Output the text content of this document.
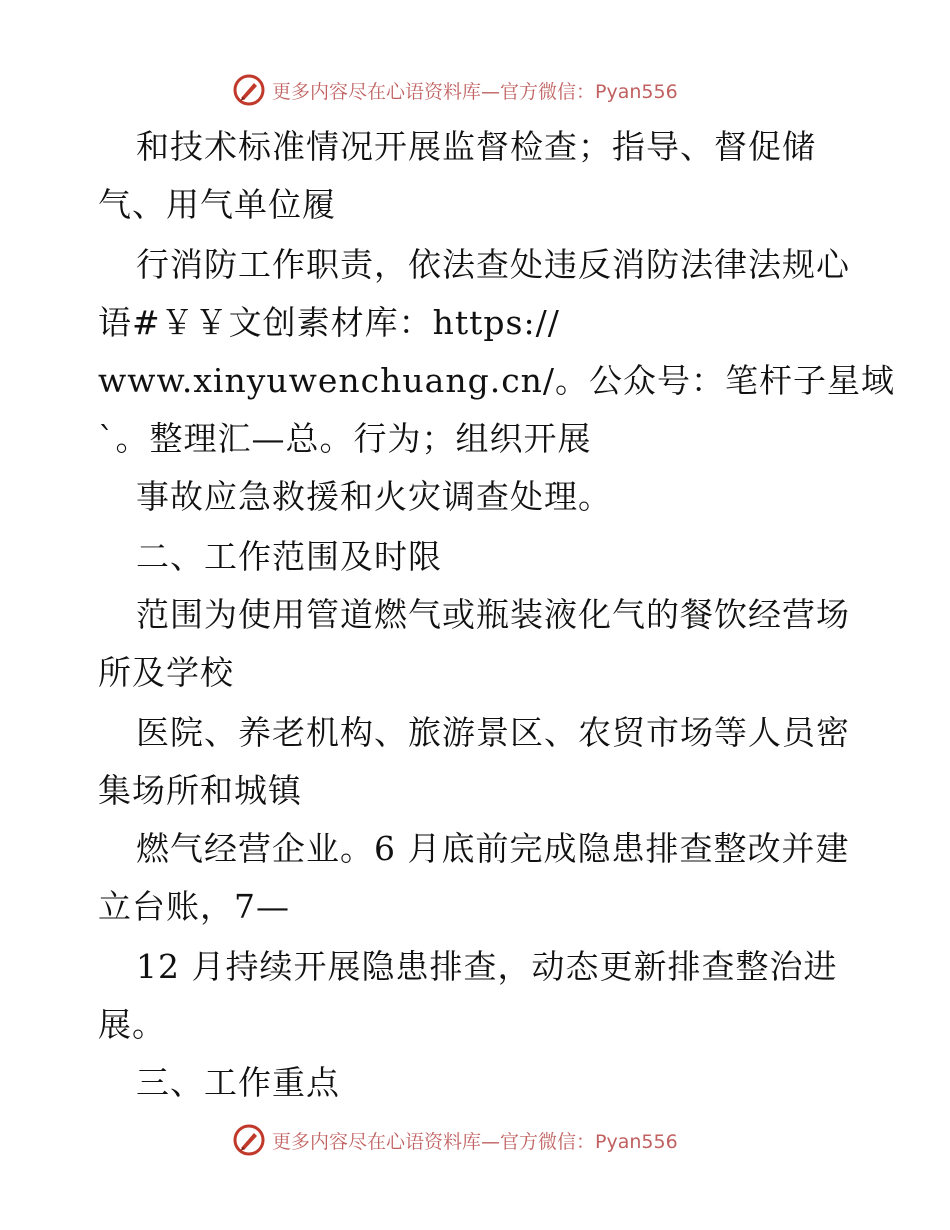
更多内容尽在心语资料库—官方微信：Pyan556
和技术标准情况开展监督检查；指导、督促储
气、用气单位履
行消防工作职责，依法查处违反消防法律法规心
语#￥￥文创素材库：https://
www.xinyuwenchuang.cn/。公众号：笔杆子星域
`。整理汇—总。行为；组织开展
事故应急救援和火灾调查处理。
二、工作范围及时限
范围为使用管道燃气或瓶装液化气的餐饮经营场
所及学校
医院、养老机构、旅游景区、农贸市场等人员密
集场所和城镇
燃气经营企业。6 月底前完成隐患排查整改并建
立台账，7—
12 月持续开展隐患排查，动态更新排查整治进
展。
三、工作重点
更多内容尽在心语资料库—官方微信：Pyan556
